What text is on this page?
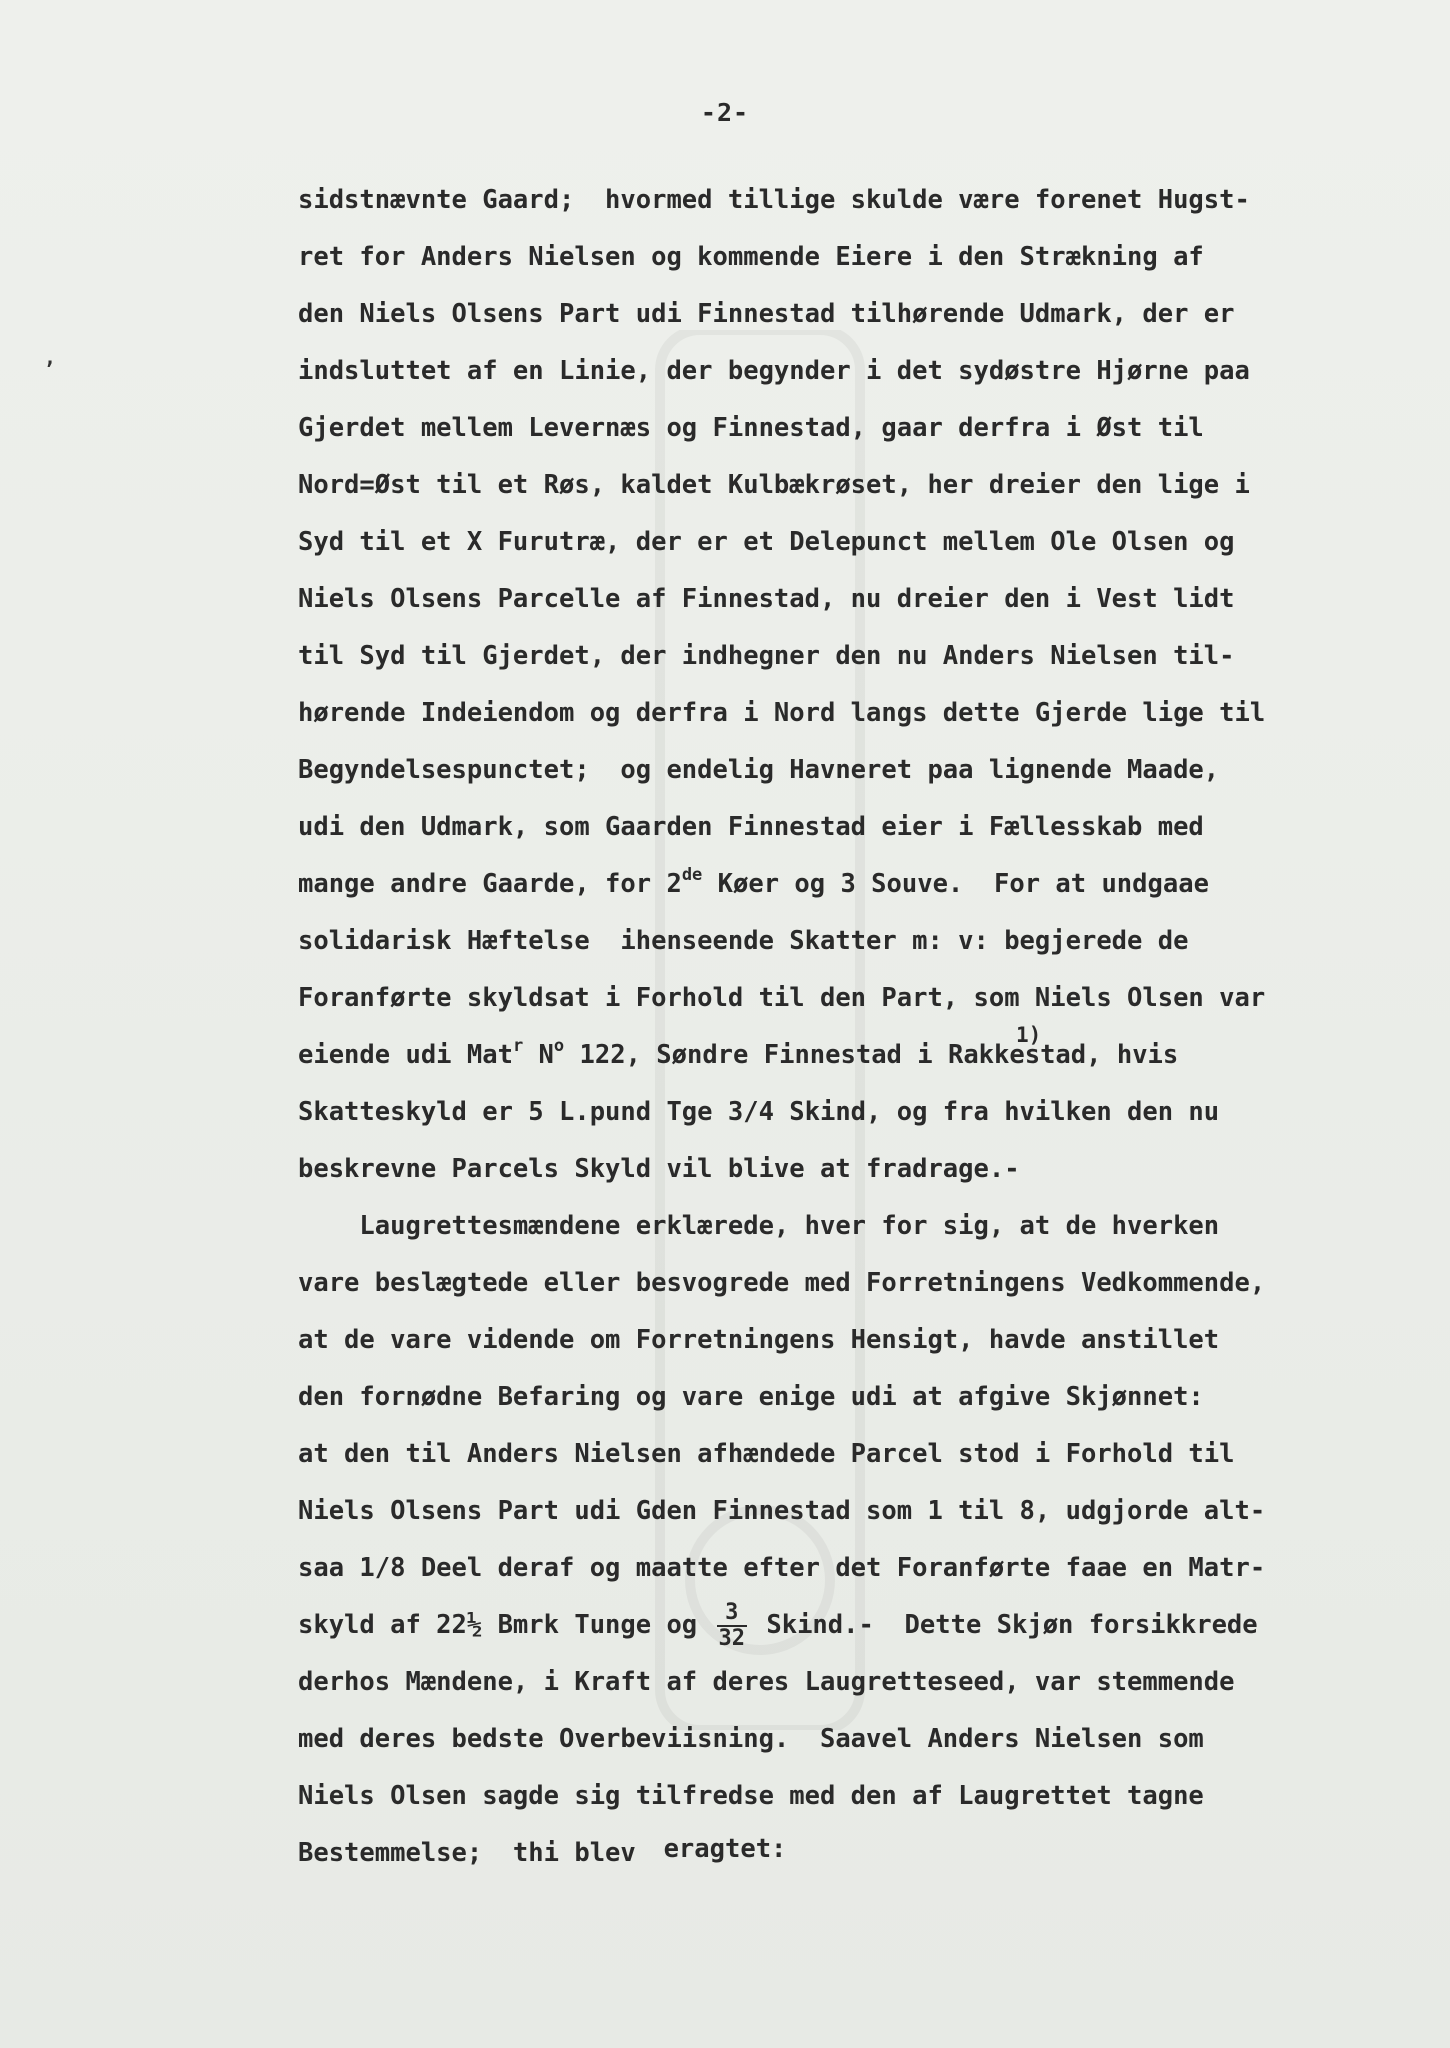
,
-2-
sidstnævnte Gaard;  hvormed tillige skulde være forenet Hugst-
ret for Anders Nielsen og kommende Eiere i den Strækning af
den Niels Olsens Part udi Finnestad tilhørende Udmark, der er
indsluttet af en Linie, der begynder i det sydøstre Hjørne paa
Gjerdet mellem Levernæs og Finnestad, gaar derfra i Øst til
Nord=Øst til et Røs, kaldet Kulbækrøset, her dreier den lige i
Syd til et X Furutræ, der er et Delepunct mellem Ole Olsen og
Niels Olsens Parcelle af Finnestad, nu dreier den i Vest lidt
til Syd til Gjerdet, der indhegner den nu Anders Nielsen til-
hørende Indeiendom og derfra i Nord langs dette Gjerde lige til
Begyndelsespunctet;  og endelig Havneret paa lignende Maade,
udi den Udmark, som Gaarden Finnestad eier i Fællesskab med
mange andre Gaarde, for 2de Køer og 3 Souve.  For at undgaae
solidarisk Hæftelse  ihenseende Skatter m: v: begjerede de
Foranførte skyldsat i Forhold til den Part, som Niels Olsen var
eiende udi Mat$^r$ $N^o$ 122, Søndre Finnestad i Rakkestad, hvis
1)
Skatteskyld er 5 L.pund Tge 3/4 Skind, og fra hvilken den nu
beskrevne Parcels Skyld vil blive at fradrage.-
Laugrettesmændene erklærede, hver for sig, at de hverken
vare beslægtede eller besvogrede med Forretningens Vedkommende,
at de vare vidende om Forretningens Hensigt, havde anstillet
den fornødne Befaring og vare enige udi at afgive Skjønnet:
at den til Anders Nielsen afhændede Parcel stod i Forhold til
Niels Olsens Part udi Gden Finnestad som 1 til 8, udgjorde alt-
saa 1/8 Deel deraf og maatte efter det Foranførte faae en Matr-
skyld af 22½ Bmrk Tunge og $\frac{3}{32}$ Skind.-  Dette Skjøn forsikkrede
derhos Mændene, i Kraft af deres Laugretteseed, var stemmende
med deres bedste Overbeviisning.  Saavel Anders Nielsen som
Niels Olsen sagde sig tilfredse med den af Laugrettet tagne
Bestemmelse;  thi blev	eragtet:
